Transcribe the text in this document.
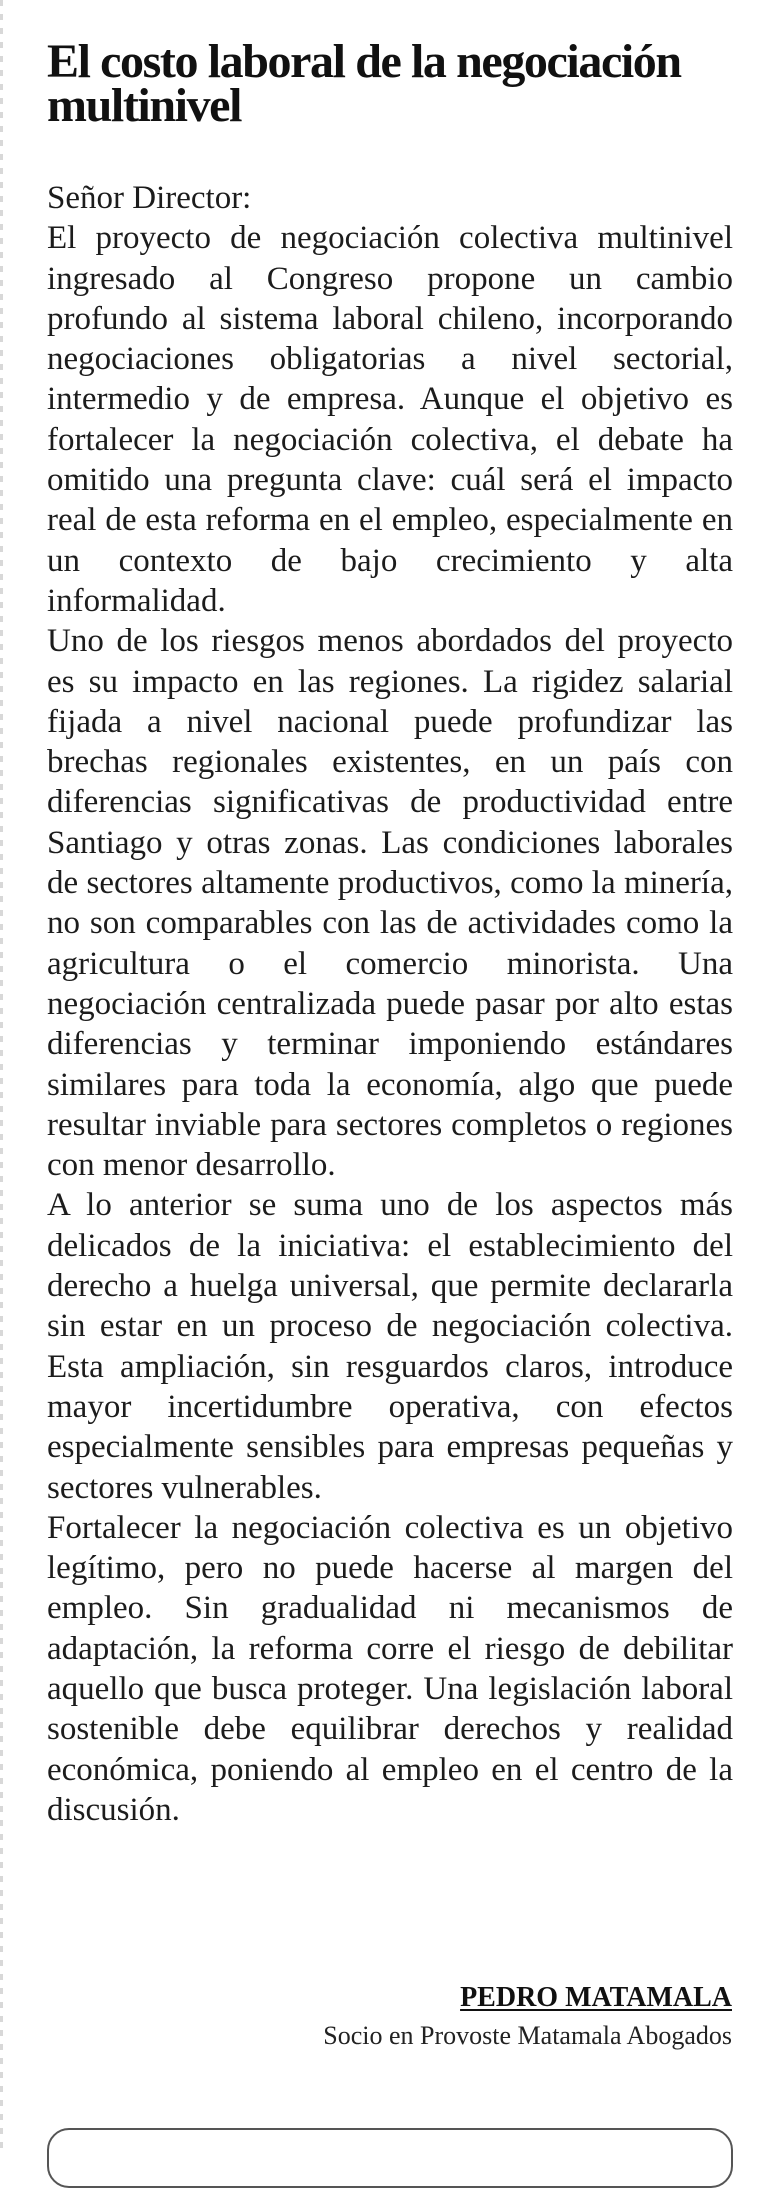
El costo laboral de la negociación multinivel

Señor Director:

El proyecto de negociación colectiva multinivel ingresado al Congreso propone un cambio profundo al sistema laboral chileno, incorporando negociaciones obligatorias a nivel sectorial, intermedio y de empresa. Aunque el objetivo es fortalecer la negociación colectiva, el debate ha omitido una pregunta clave: cuál será el impacto real de esta reforma en el empleo, especialmente en un contexto de bajo crecimiento y alta informalidad.

Uno de los riesgos menos abordados del proyecto es su impacto en las regiones. La rigidez salarial fijada a nivel nacional puede profundizar las brechas regionales existentes, en un país con diferencias significativas de productividad entre Santiago y otras zonas. Las condiciones laborales de sectores altamente productivos, como la minería, no son comparables con las de actividades como la agricultura o el comercio minorista. Una negociación centralizada puede pasar por alto estas diferencias y terminar imponiendo estándares similares para toda la economía, algo que puede resultar inviable para sectores completos o regiones con menor desarrollo.

A lo anterior se suma uno de los aspectos más delicados de la iniciativa: el establecimiento del derecho a huelga universal, que permite declararla sin estar en un proceso de negociación colectiva. Esta ampliación, sin resguardos claros, introduce mayor incertidumbre operativa, con efectos especialmente sensibles para empresas pequeñas y sectores vulnerables.

Fortalecer la negociación colectiva es un objetivo legítimo, pero no puede hacerse al margen del empleo. Sin gradualidad ni mecanismos de adaptación, la reforma corre el riesgo de debilitar aquello que busca proteger. Una legislación laboral sostenible debe equilibrar derechos y realidad económica, poniendo al empleo en el centro de la discusión.

PEDRO MATAMALA
Socio en Provoste Matamala Abogados
